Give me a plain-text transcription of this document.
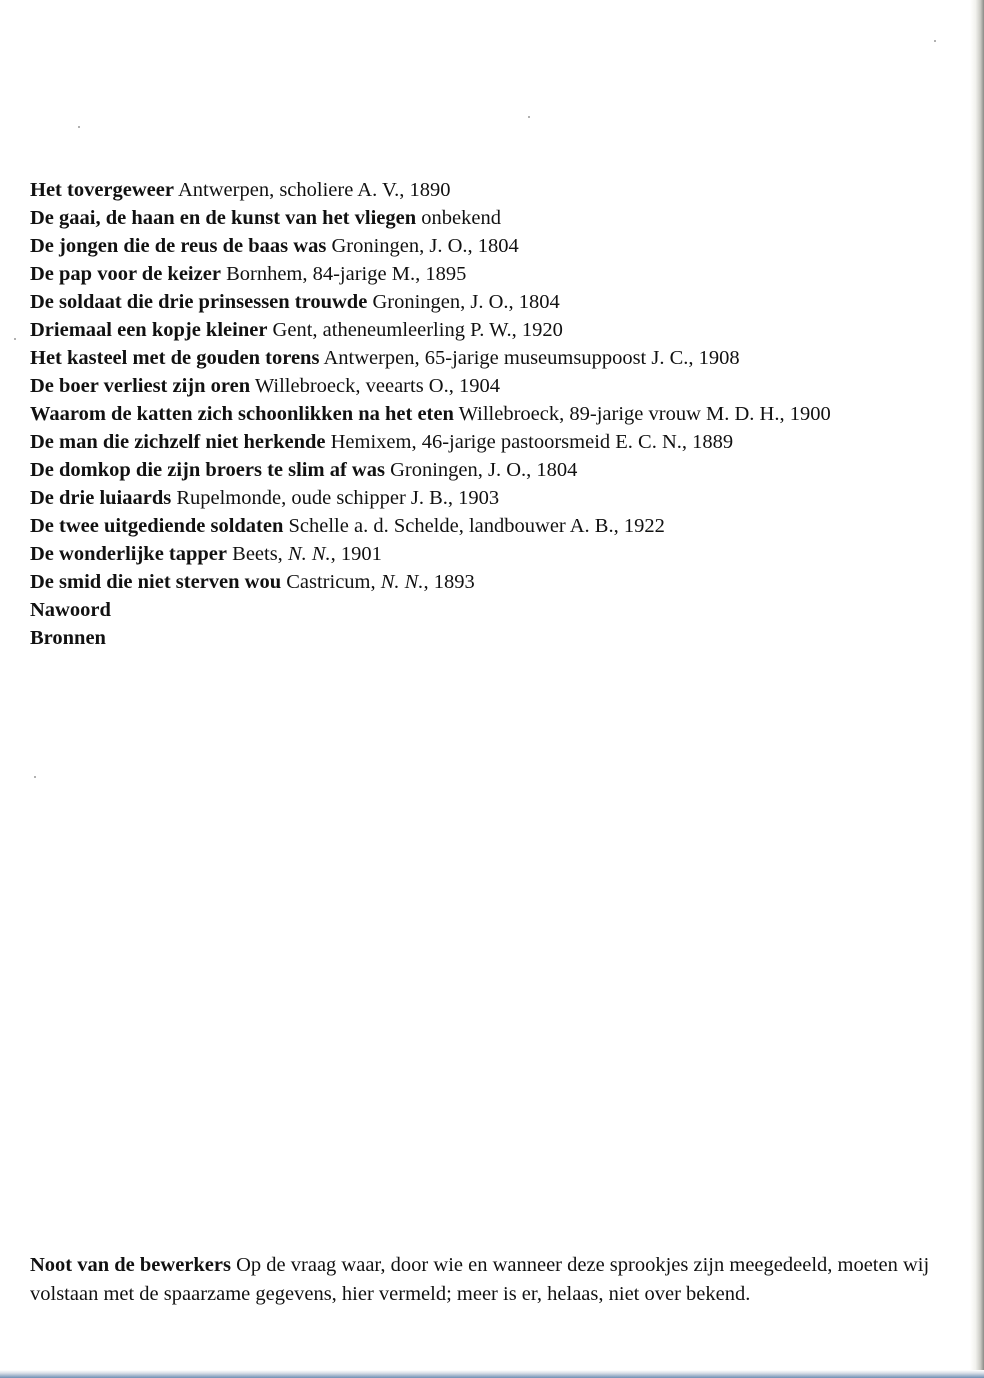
Het tovergeweer Antwerpen, scholiere A. V., 1890
De gaai, de haan en de kunst van het vliegen onbekend
De jongen die de reus de baas was Groningen, J. O., 1804
De pap voor de keizer Bornhem, 84-jarige M., 1895
De soldaat die drie prinsessen trouwde Groningen, J. O., 1804
Driemaal een kopje kleiner Gent, atheneumleerling P. W., 1920
Het kasteel met de gouden torens Antwerpen, 65-jarige museumsuppoost J. C., 1908
De boer verliest zijn oren Willebroeck, veearts O., 1904
Waarom de katten zich schoonlikken na het eten Willebroeck, 89-jarige vrouw M. D. H., 1900
De man die zichzelf niet herkende Hemixem, 46-jarige pastoorsmeid E. C. N., 1889
De domkop die zijn broers te slim af was Groningen, J. O., 1804
De drie luiaards Rupelmonde, oude schipper J. B., 1903
De twee uitgediende soldaten Schelle a. d. Schelde, landbouwer A. B., 1922
De wonderlijke tapper Beets, N. N., 1901
De smid die niet sterven wou Castricum, N. N., 1893
Nawoord
Bronnen

Noot van de bewerkers Op de vraag waar, door wie en wanneer deze sprookjes zijn meegedeeld, moeten wij volstaan met de spaarzame gegevens, hier vermeld; meer is er, helaas, niet over bekend.
